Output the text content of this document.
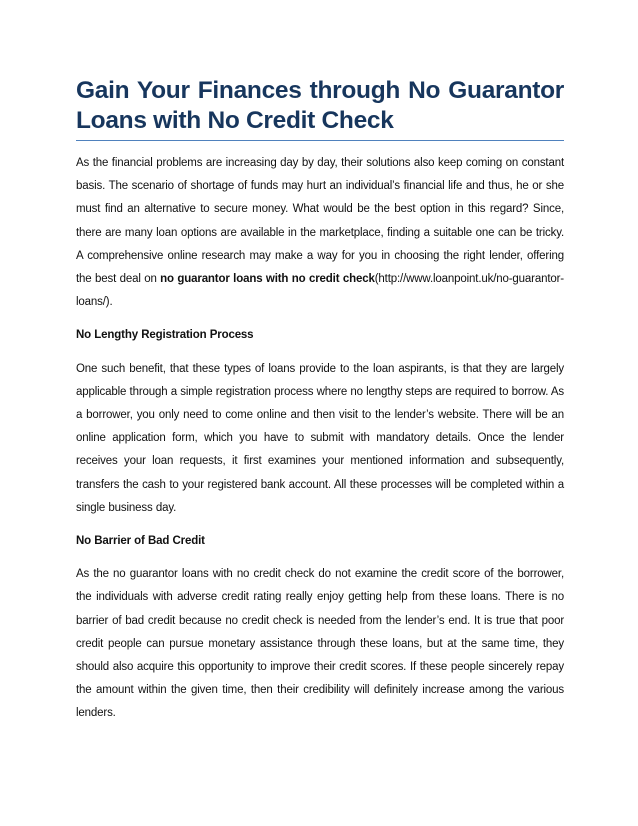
Gain Your Finances through No Guarantor Loans with No Credit Check

As the financial problems are increasing day by day, their solutions also keep coming on constant basis. The scenario of shortage of funds may hurt an individual’s financial life and thus, he or she must find an alternative to secure money. What would be the best option in this regard? Since, there are many loan options are available in the marketplace, finding a suitable one can be tricky. A comprehensive online research may make a way for you in choosing the right lender, offering the best deal on no guarantor loans with no credit check(http://www.loanpoint.uk/no-guarantor-loans/).

No Lengthy Registration Process

One such benefit, that these types of loans provide to the loan aspirants, is that they are largely applicable through a simple registration process where no lengthy steps are required to borrow. As a borrower, you only need to come online and then visit to the lender’s website. There will be an online application form, which you have to submit with mandatory details. Once the lender receives your loan requests, it first examines your mentioned information and subsequently, transfers the cash to your registered bank account. All these processes will be completed within a single business day.

No Barrier of Bad Credit

As the no guarantor loans with no credit check do not examine the credit score of the borrower, the individuals with adverse credit rating really enjoy getting help from these loans. There is no barrier of bad credit because no credit check is needed from the lender’s end. It is true that poor credit people can pursue monetary assistance through these loans, but at the same time, they should also acquire this opportunity to improve their credit scores. If these people sincerely repay the amount within the given time, then their credibility will definitely increase among the various lenders.
